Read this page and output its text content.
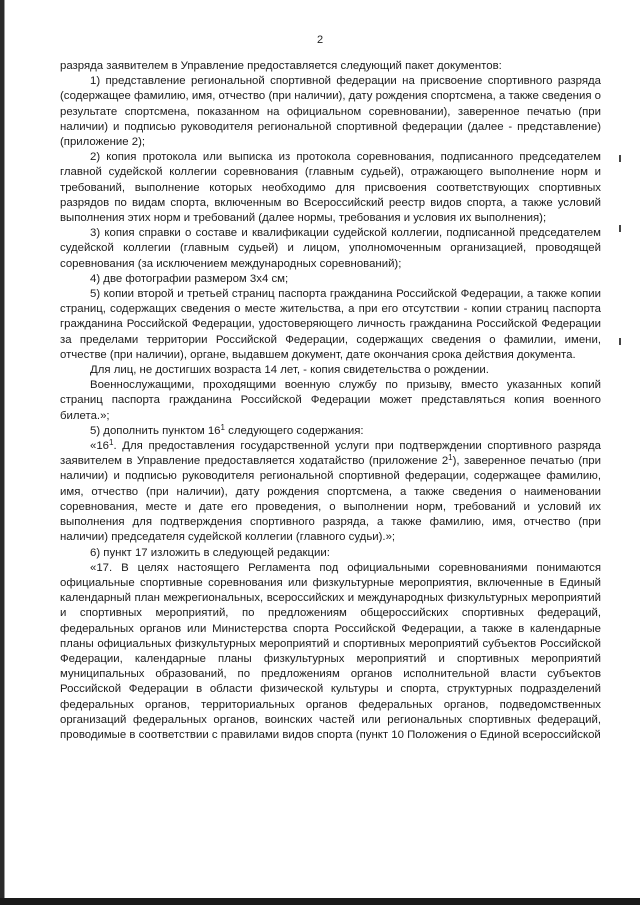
2

разряда заявителем в Управление предоставляется следующий пакет документов:

1) представление региональной спортивной федерации на присвоение спортивного разряда (содержащее фамилию, имя, отчество (при наличии), дату рождения спортсмена, а также сведения о результате спортсмена, показанном на официальном соревновании), заверенное печатью (при наличии) и подписью руководителя региональной спортивной федерации (далее - представление) (приложение 2);

2) копия протокола или выписка из протокола соревнования, подписанного председателем главной судейской коллегии соревнования (главным судьей), отражающего выполнение норм и требований, выполнение которых необходимо для присвоения соответствующих спортивных разрядов по видам спорта, включенным во Всероссийский реестр видов спорта, а также условий выполнения этих норм и требований (далее нормы, требования и условия их выполнения);

3) копия справки о составе и квалификации судейской коллегии, подписанной председателем судейской коллегии (главным судьей) и лицом, уполномоченным организацией, проводящей соревнования (за исключением международных соревнований);

4) две фотографии размером 3х4 см;

5) копии второй и третьей страниц паспорта гражданина Российской Федерации, а также копии страниц, содержащих сведения о месте жительства, а при его отсутствии - копии страниц паспорта гражданина Российской Федерации, удостоверяющего личность гражданина Российской Федерации за пределами территории Российской Федерации, содержащих сведения о фамилии, имени, отчестве (при наличии), органе, выдавшем документ, дате окончания срока действия документа.

Для лиц, не достигших возраста 14 лет, - копия свидетельства о рождении.

Военнослужащими, проходящими военную службу по призыву, вместо указанных копий страниц паспорта гражданина Российской Федерации может представляться копия военного билета.»;

5) дополнить пунктом $16^1$ следующего содержания:

«$16^1$. Для предоставления государственной услуги при подтверждении спортивного разряда заявителем в Управление предоставляется ходатайство (приложение $2^1$), заверенное печатью (при наличии) и подписью руководителя региональной спортивной федерации, содержащее фамилию, имя, отчество (при наличии), дату рождения спортсмена, а также сведения о наименовании соревнования, месте и дате его проведения, о выполнении норм, требований и условий их выполнения для подтверждения спортивного разряда, а также фамилию, имя, отчество (при наличии) председателя судейской коллегии (главного судьи).»;

6) пункт 17 изложить в следующей редакции:

«17. В целях настоящего Регламента под официальными соревнованиями понимаются официальные спортивные соревнования или физкультурные мероприятия, включенные в Единый календарный план межрегиональных, всероссийских и международных физкультурных мероприятий и спортивных мероприятий, по предложениям общероссийских спортивных федераций, федеральных органов или Министерства спорта Российской Федерации, а также в календарные планы официальных физкультурных мероприятий и спортивных мероприятий субъектов Российской Федерации, календарные планы физкультурных мероприятий и спортивных мероприятий муниципальных образований, по предложениям органов исполнительной власти субъектов Российской Федерации в области физической культуры и спорта, структурных подразделений федеральных органов, территориальных органов федеральных органов, подведомственных организаций федеральных органов, воинских частей или региональных спортивных федераций, проводимые в соответствии с правилами видов спорта (пункт 10 Положения о Единой всероссийской
